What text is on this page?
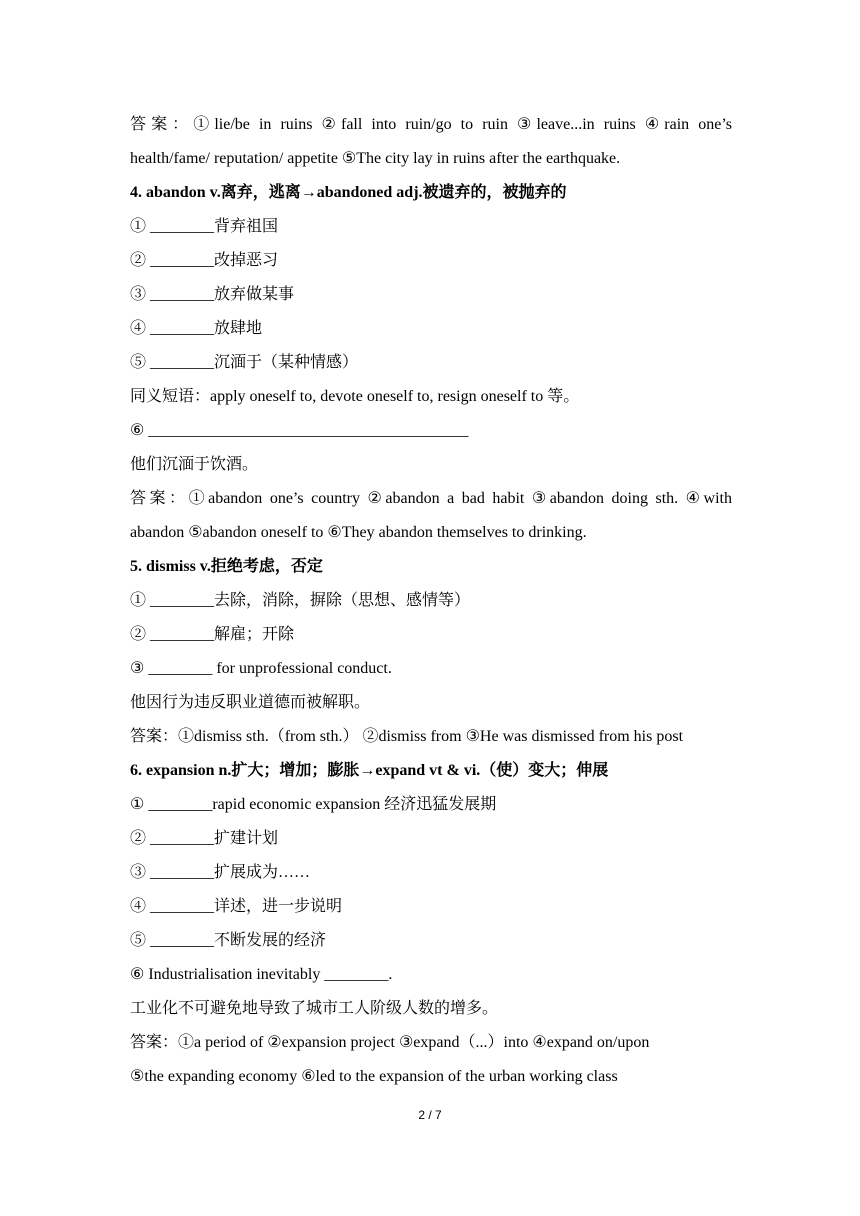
答案：①lie/be in ruins ②fall into ruin/go to ruin ③leave...in ruins ④rain one’s
health/fame/ reputation/ appetite ⑤The city lay in ruins after the earthquake.
4. abandon v.离弃，逃离→abandoned adj.被遗弃的，被抛弃的
① ________背弃祖国
② ________改掉恶习
③ ________放弃做某事
④ ________放肆地
⑤ ________沉湎于（某种情感）
同义短语：apply oneself to, devote oneself to, resign oneself to 等。
⑥ ________________________________________
他们沉湎于饮酒。
答案：①abandon one’s country ②abandon a bad habit ③abandon doing sth. ④with
abandon ⑤abandon oneself to ⑥They abandon themselves to drinking.
5. dismiss v.拒绝考虑，否定
① ________去除，消除，摒除（思想、感情等）
② ________解雇；开除
③ ________ for unprofessional conduct.
他因行为违反职业道德而被解职。
答案：①dismiss sth.（from sth.） ②dismiss from ③He was dismissed from his post
6. expansion n.扩大；增加；膨胀→expand vt & vi.（使）变大；伸展
① ________rapid economic expansion 经济迅猛发展期
② ________扩建计划
③ ________扩展成为……
④ ________详述，进一步说明
⑤ ________不断发展的经济
⑥ Industrialisation inevitably ________.
工业化不可避免地导致了城市工人阶级人数的增多。
答案：①a period of ②expansion project ③expand（...）into ④expand on/upon
⑤the expanding economy ⑥led to the expansion of the urban working class
2 / 7
